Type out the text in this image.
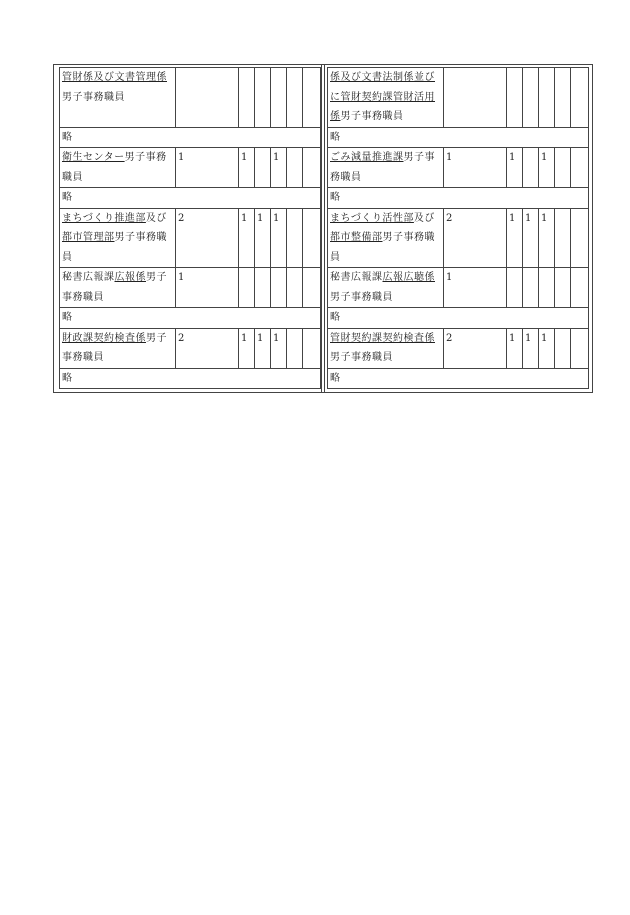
管財係及び文書管理係男子事務職員							

略							

衛生センター男子事務職員	1	1		1			
略							

まちづくり推進部及び都市管理部男子事務職員	2	1	1	1			

秘書広報課広報係男子事務職員	1						
略							

財政課契約検査係男子事務職員	2	1	1	1			
略							
係及び文書法制係並びに管財契約課管財活用係男子事務職員							

略							

ごみ減量推進課男子事務職員	1	1		1			
略							

まちづくり活性部及び都市整備部男子事務職員	2	1	1	1			

秘書広報課広報広聴係男子事務職員	1						
略							

管財契約課契約検査係男子事務職員	2	1	1	1			
略							
